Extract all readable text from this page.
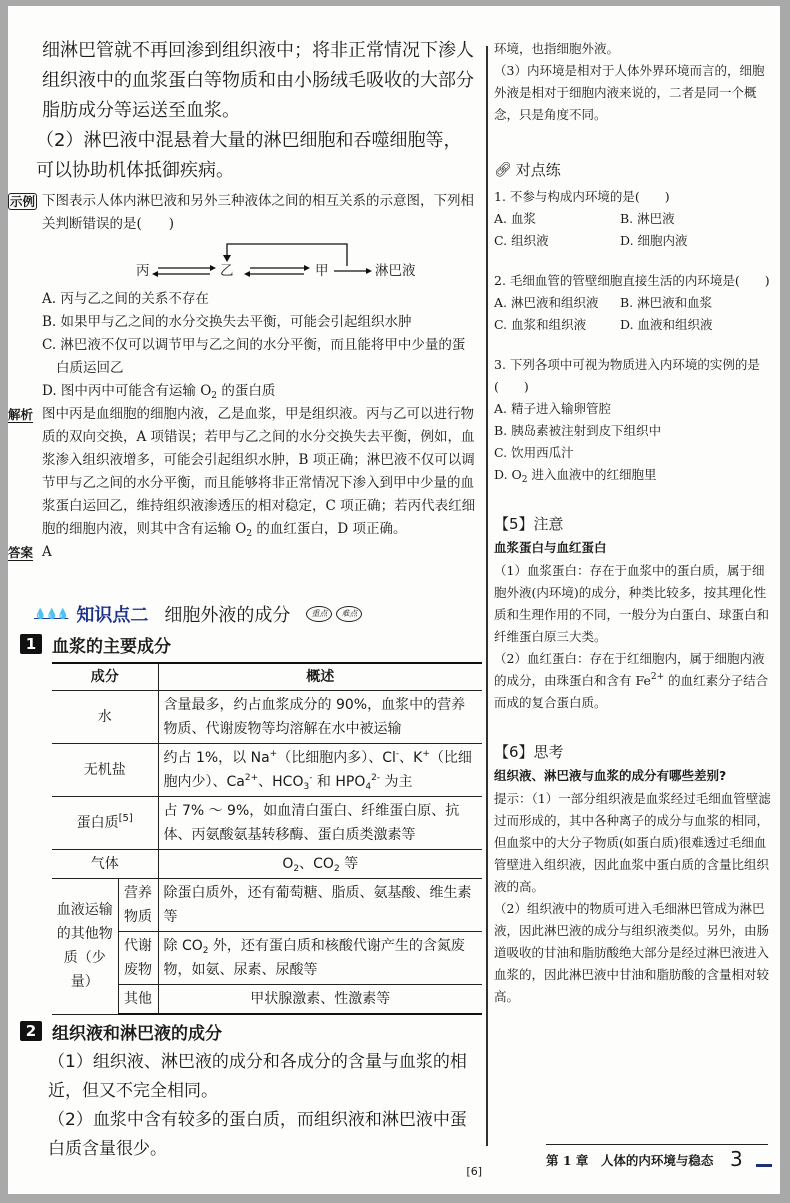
细淋巴管就不再回渗到组织液中；将非正常情况下渗人组织液中的血浆蛋白等物质和由小肠绒毛吸收的大部分脂肪成分等运送至血浆。

（2）淋巴液中混悬着大量的淋巴细胞和吞噬细胞等，可以协助机体抵御疾病。

示例 下图表示人体内淋巴液和另外三种液体之间的相互关系的示意图，下列相关判断错误的是(　　)

丙	乙	甲	淋巴液

A. 丙与乙之间的关系不存在

B. 如果甲与乙之间的水分交换失去平衡，可能会引起组织水肿

C. 淋巴液不仅可以调节甲与乙之间的水分平衡，而且能将甲中少量的蛋

白质运回乙

D. 图中丙中可能含有运输 $O_2$ 的蛋白质

解析 图中丙是血细胞的细胞内液，乙是血浆，甲是组织液。丙与乙可以进行物质的双向交换，A 项错误；若甲与乙之间的水分交换失去平衡，例如，血浆渗入组织液增多，可能会引起组织水肿，B 项正确；淋巴液不仅可以调节甲与乙之间的水分平衡，而且能够将非正常情况下渗入到甲中少量的血浆蛋白运回乙，维持组织液渗透压的相对稳定，C 项正确；若丙代表红细胞的细胞内液，则其中含有运输 $O_2$ 的血红蛋白，D 项正确。

答案 A

💧💧💧 知识点二 细胞外液的成分	重点	难点
1 血浆的主要成分
成分		概述
水		含量最多，约占血浆成分的 90%，血浆中的营养物质、代谢废物等均溶解在水中被运输
无机盐		约占 1%，以 Na+（比细胞内多）、Cl-、K+（比细胞内少）、$Ca^{2+}$、$HCO_3^-$ 和 $HPO_4^{2-}$ 为主
蛋白质[5]		占 7% ～ 9%，如血清白蛋白、纤维蛋白原、抗体、丙氨酸氨基转移酶、蛋白质类激素等
气体		$O_2$、$CO_2$ 等
血液运输的其他物质（少量）	营养物质	除蛋白质外，还有葡萄糖、脂质、氨基酸、维生素等
	代谢废物	除 $CO_2$ 外，还有蛋白质和核酸代谢产生的含氮废物，如氨、尿素、尿酸等
	其他	甲状腺激素、性激素等
2 组织液和淋巴液的成分

（1）组织液、淋巴液的成分和各成分的含量与血浆的相近，但又不完全相同。

（2）血浆中含有较多的蛋白质，而组织液和淋巴液中蛋白质含量很少。

[6]

环境，也指细胞外液。

（3）内环境是相对于人体外界环境而言的，细胞外液是相对于细胞内液来说的，二者是同一个概念，只是角度不同。

🔗︎ 对点练

1. 不参与构成内环境的是(　　)

A. 血浆	B. 淋巴液
C. 组织液	D. 细胞内液

2. 毛细血管的管壁细胞直接生活的内环境是(　　)

A. 淋巴液和组织液	B. 淋巴液和血浆
C. 血浆和组织液	D. 血液和组织液

3. 下列各项中可视为物质进入内环境的实例的是(　　)

A. 精子进入输卵管腔

B. 胰岛素被注射到皮下组织中

C. 饮用西瓜汁

D. $O_2$ 进入血液中的红细胞里

【5】注意

血浆蛋白与血红蛋白

（1）血浆蛋白：存在于血浆中的蛋白质，属于细胞外液(内环境)的成分，种类比较多，按其理化性质和生理作用的不同，一般分为白蛋白、球蛋白和纤维蛋白原三大类。

（2）血红蛋白：存在于红细胞内，属于细胞内液的成分，由珠蛋白和含有 $Fe^{2+}$ 的血红素分子结合而成的复合蛋白质。

【6】思考

组织液、淋巴液与血浆的成分有哪些差别?

提示：（1）一部分组织液是血浆经过毛细血管壁滤过而形成的，其中各种离子的成分与血浆的相同，但血浆中的大分子物质(如蛋白质)很难透过毛细血管壁进入组织液，因此血浆中蛋白质的含量比组织液的高。

（2）组织液中的物质可进入毛细淋巴管成为淋巴液，因此淋巴液的成分与组织液类似。另外，由肠道吸收的甘油和脂肪酸绝大部分是经过淋巴液进入血浆的，因此淋巴液中甘油和脂肪酸的含量相对较高。

第 1 章　人体的内环境与稳态 3
